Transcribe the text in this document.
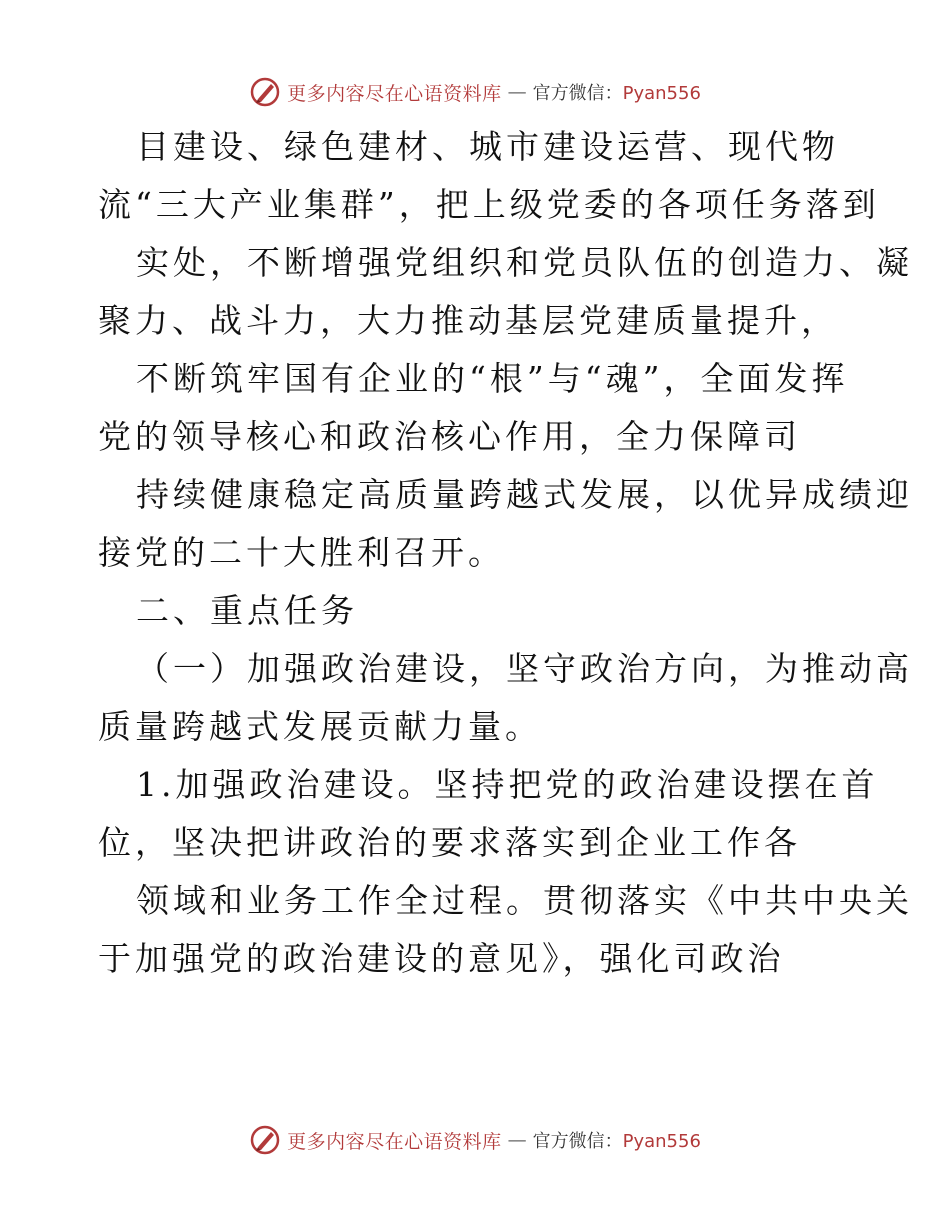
更多内容尽在心语资料库 — 官方微信：Pyan556
目建设、绿色建材、城市建设运营、现代物
流“三大产业集群”，把上级党委的各项任务落到
实处，不断增强党组织和党员队伍的创造力、凝
聚力、战斗力，大力推动基层党建质量提升，
不断筑牢国有企业的“根”与“魂”，全面发挥
党的领导核心和政治核心作用，全力保障司
持续健康稳定高质量跨越式发展，以优异成绩迎
接党的二十大胜利召开。
二、重点任务
（一）加强政治建设，坚守政治方向，为推动高
质量跨越式发展贡献力量。
1.加强政治建设。坚持把党的政治建设摆在首
位，坚决把讲政治的要求落实到企业工作各
领域和业务工作全过程。贯彻落实《中共中央关
于加强党的政治建设的意见》，强化司政治
更多内容尽在心语资料库 — 官方微信：Pyan556
